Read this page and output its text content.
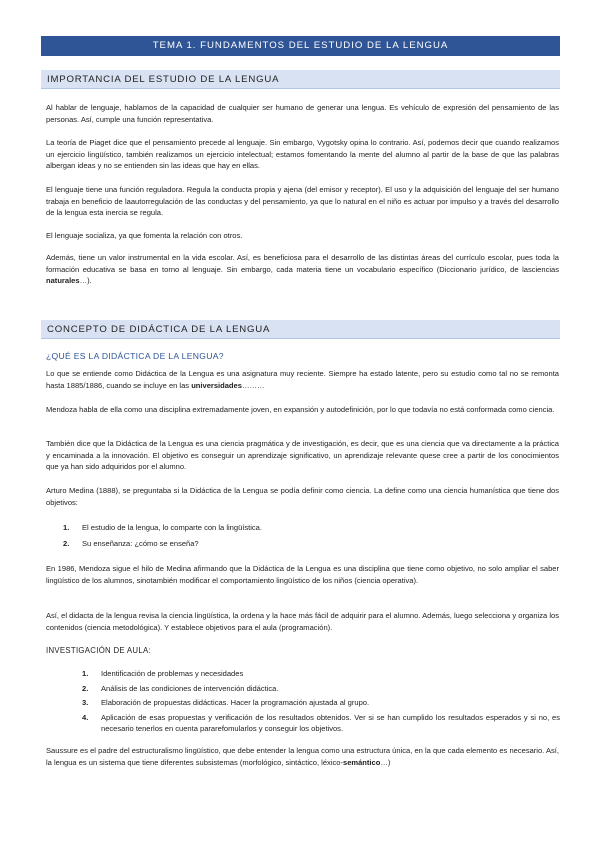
TEMA 1. FUNDAMENTOS DEL ESTUDIO DE LA LENGUA
IMPORTANCIA DEL ESTUDIO DE LA LENGUA

Al hablar de lenguaje, hablamos de la capacidad de cualquier ser humano de generar una lengua. Es vehículo de expresión del pensamiento de las personas. Así, cumple una función representativa.

La teoría de Piaget dice que el pensamiento precede al lenguaje. Sin embargo, Vygotsky opina lo contrario. Así, podemos decir que cuando realizamos un ejercicio lingüístico, también realizamos un ejercicio intelectual; estamos fomentando la mente del alumno al partir de la base de que las palabras albergan ideas y no se entienden sin las ideas que hay en ellas.

El lenguaje tiene una función reguladora. Regula la conducta propia y ajena (del emisor y receptor). El uso y la adquisición del lenguaje del ser humano trabaja en beneficio de laautorregulación de las conductas y del pensamiento, ya que lo natural en el niño es actuar por impulso y a través del desarrollo de la lengua esta inercia se regula.

El lenguaje socializa, ya que fomenta la relación con otros.

Además, tiene un valor instrumental en la vida escolar. Así, es beneficiosa para el desarrollo de las distintas áreas del currículo escolar, pues toda la formación educativa se basa en torno al lenguaje. Sin embargo, cada materia tiene un vocabulario específico (Diccionario jurídico, de lasciencias naturales…).

CONCEPTO DE DIDÁCTICA DE LA LENGUA
¿QUÉ ES LA DIDÁCTICA DE LA LENGUA?

Lo que se entiende como Didáctica de la Lengua es una asignatura muy reciente. Siempre ha estado latente, pero su estudio como tal no se remonta hasta 1885/1886, cuando se incluye en las universidades………

Mendoza habla de ella como una disciplina extremadamente joven, en expansión y autodefinición, por lo que todavía no está conformada como ciencia.

También dice que la Didáctica de la Lengua es una ciencia pragmática y de investigación, es decir, que es una ciencia que va directamente a la práctica y encaminada a la innovación. El objetivo es conseguir un aprendizaje significativo, un aprendizaje relevante quese cree a partir de los conocimientos que ya han sido adquiridos por el alumno.

Arturo Medina (1888), se preguntaba si la Didáctica de la Lengua se podía definir como ciencia. La define como una ciencia humanística que tiene dos objetivos:

1. El estudio de la lengua, lo comparte con la lingüística.
2. Su enseñanza: ¿cómo se enseña?

En 1986, Mendoza sigue el hilo de Medina afirmando que la Didáctica de la Lengua es una disciplina que tiene como objetivo, no solo ampliar el saber lingüístico de los alumnos, sinotambién modificar el comportamiento lingüístico de los niños (ciencia operativa).

Así, el didacta de la lengua revisa la ciencia lingüística, la ordena y la hace más fácil de adquirir para el alumno. Además, luego selecciona y organiza los contenidos (ciencia metodológica). Y establece objetivos para el aula (programación).

INVESTIGACIÓN DE AULA:
1. Identificación de problemas y necesidades
2. Análisis de las condiciones de intervención didáctica.
3. Elaboración de propuestas didácticas. Hacer la programación ajustada al grupo.
4. Aplicación de esas propuestas y verificación de los resultados obtenidos. Ver si se han cumplido los resultados esperados y si no, es necesario tenerlos en cuenta pararefomularlos y conseguir los objetivos.

Saussure es el padre del estructuralismo lingüístico, que debe entender la lengua como una estructura única, en la que cada elemento es necesario. Así, la lengua es un sistema que tiene diferentes subsistemas (morfológico, sintáctico, léxico-semántico…)
